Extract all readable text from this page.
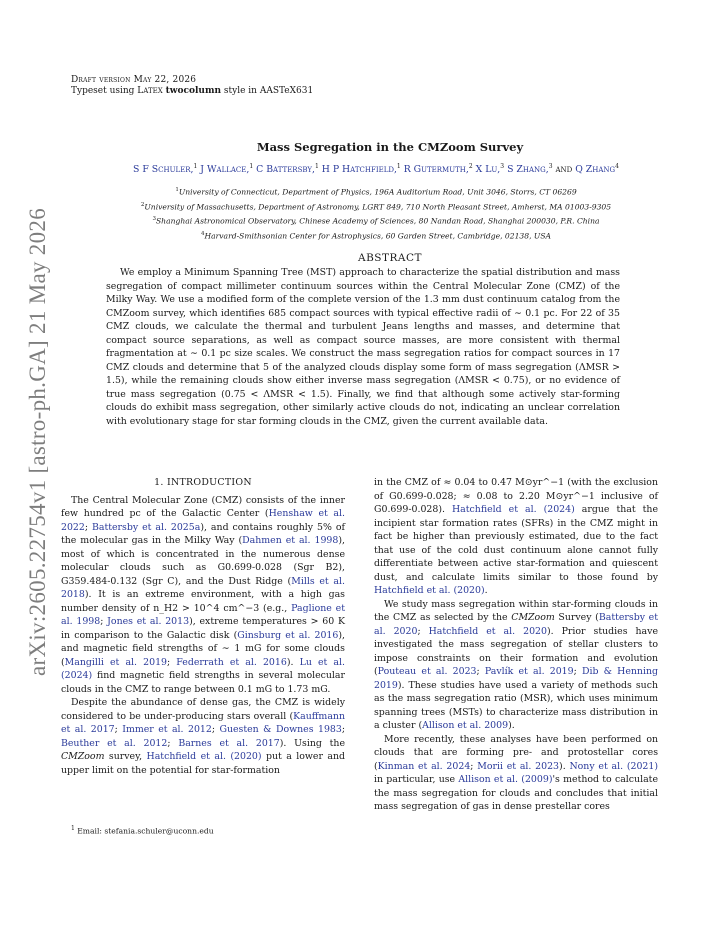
Draft version May 22, 2026
Typeset using LATEX twocolumn style in AASTeX631
arXiv:2605.22754v1 [astro-ph.GA] 21 May 2026
Mass Segregation in the CMZoom Survey
S F Schuler,$^1$ J Wallace,$^1$ C Battersby,$^1$ H P Hatchfield,$^1$ R Gutermuth,$^2$ X Lu,$^3$ S Zhang,$^3$ and Q Zhang$^4$
$^1$University of Connecticut, Department of Physics, 196A Auditorium Road, Unit 3046, Storrs, CT 06269
$^2$University of Massachusetts, Department of Astronomy, LGRT 849, 710 North Pleasant Street, Amherst, MA 01003-9305
$^3$Shanghai Astronomical Observatory, Chinese Academy of Sciences, 80 Nandan Road, Shanghai 200030, P.R. China
$^4$Harvard-Smithsonian Center for Astrophysics, 60 Garden Street, Cambridge, 02138, USA
ABSTRACT

We employ a Minimum Spanning Tree (MST) approach to characterize the spatial distribution and mass segregation of compact millimeter continuum sources within the Central Molecular Zone (CMZ) of the Milky Way. We use a modified form of the complete version of the 1.3 mm dust continuum catalog from the CMZoom survey, which identifies 685 compact sources with typical effective radii of ∼ 0.1 pc. For 22 of 35 CMZ clouds, we calculate the thermal and turbulent Jeans lengths and masses, and determine that compact source separations, as well as compact source masses, are more consistent with thermal fragmentation at ∼ 0.1 pc size scales. We construct the mass segregation ratios for compact sources in 17 CMZ clouds and determine that 5 of the analyzed clouds display some form of mass segregation (ΛMSR > 1.5), while the remaining clouds show either inverse mass segregation (ΛMSR < 0.75), or no evidence of true mass segregation (0.75 < ΛMSR < 1.5). Finally, we find that although some actively star-forming clouds do exhibit mass segregation, other similarly active clouds do not, indicating an unclear correlation with evolutionary stage for star forming clouds in the CMZ, given the current available data.

1. INTRODUCTION

The Central Molecular Zone (CMZ) consists of the inner few hundred pc of the Galactic Center (Henshaw et al. 2022; Battersby et al. 2025a), and contains roughly 5% of the molecular gas in the Milky Way (Dahmen et al. 1998), most of which is concentrated in the numerous dense molecular clouds such as G0.699-0.028 (Sgr B2), G359.484-0.132 (Sgr C), and the Dust Ridge (Mills et al. 2018). It is an extreme environment, with a high gas number density of n_H2 > 10^4 cm^−3 (e.g., Paglione et al. 1998; Jones et al. 2013), extreme temperatures > 60 K in comparison to the Galactic disk (Ginsburg et al. 2016), and magnetic field strengths of ∼ 1 mG for some clouds (Mangilli et al. 2019; Federrath et al. 2016). Lu et al. (2024) find magnetic field strengths in several molecular clouds in the CMZ to range between 0.1 mG to 1.73 mG.

Despite the abundance of dense gas, the CMZ is widely considered to be under-producing stars overall (Kauffmann et al. 2017; Immer et al. 2012; Guesten & Downes 1983; Beuther et al. 2012; Barnes et al. 2017). Using the CMZoom survey, Hatchfield et al. (2020) put a lower and upper limit on the potential for star-formation

in the CMZ of ≈ 0.04 to 0.47 M⊙yr^−1 (with the exclusion of G0.699-0.028; ≈ 0.08 to 2.20 M⊙yr^−1 inclusive of G0.699-0.028). Hatchfield et al. (2024) argue that the incipient star formation rates (SFRs) in the CMZ might in fact be higher than previously estimated, due to the fact that use of the cold dust continuum alone cannot fully differentiate between active star-formation and quiescent dust, and calculate limits similar to those found by Hatchfield et al. (2020).

We study mass segregation within star-forming clouds in the CMZ as selected by the CMZoom Survey (Battersby et al. 2020; Hatchfield et al. 2020). Prior studies have investigated the mass segregation of stellar clusters to impose constraints on their formation and evolution (Pouteau et al. 2023; Pavlík et al. 2019; Dib & Henning 2019). These studies have used a variety of methods such as the mass segregation ratio (MSR), which uses minimum spanning trees (MSTs) to characterize mass distribution in a cluster (Allison et al. 2009).

More recently, these analyses have been performed on clouds that are forming pre- and protostellar cores (Kinman et al. 2024; Morii et al. 2023). Nony et al. (2021) in particular, use Allison et al. (2009)'s method to calculate the mass segregation for clouds and concludes that initial mass segregation of gas in dense prestellar cores

$^1$ Email: stefania.schuler@uconn.edu
